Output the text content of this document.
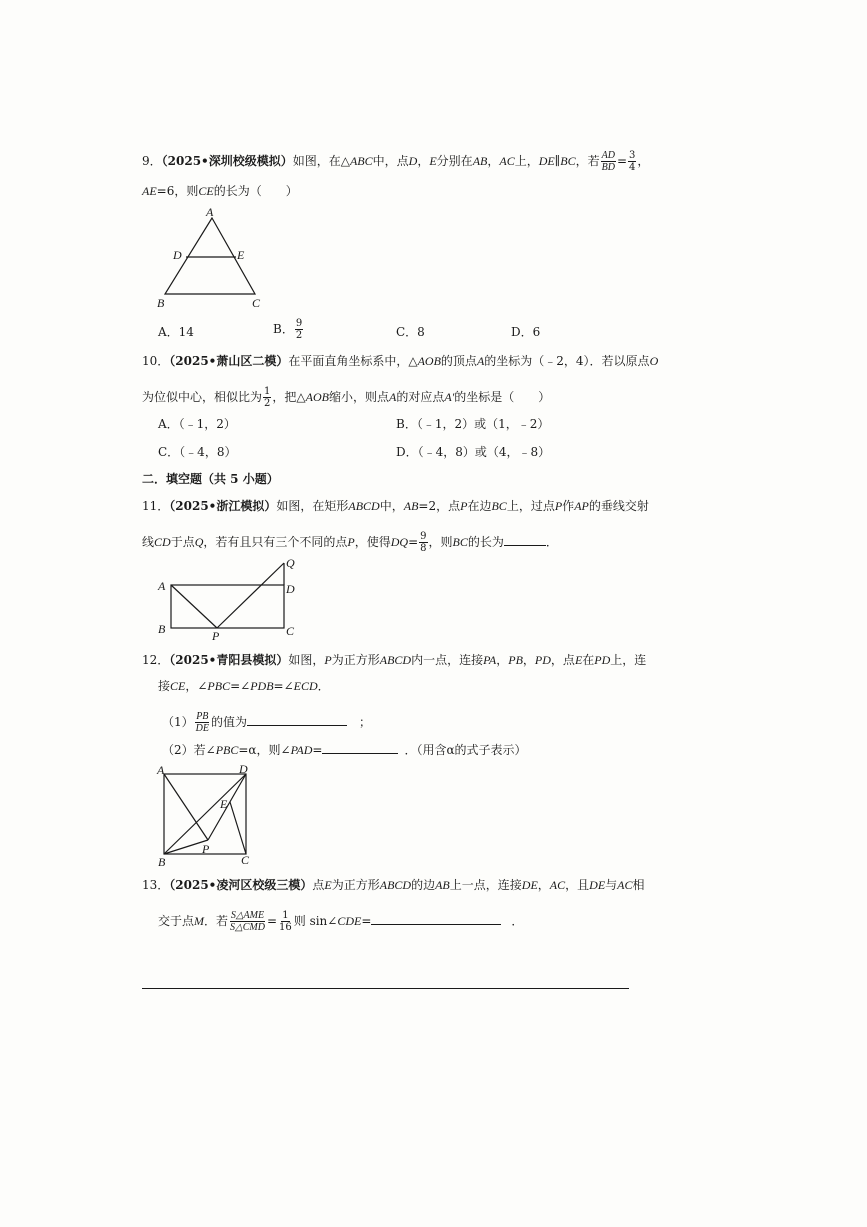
9．（2025•深圳校级模拟）如图，在△ABC中，点D，E分别在AB，AC上，DE∥BC，若 $\frac{AD}{BD} = \frac{3}{4}$ ，
AE=6，则CE的长为（　　）
A
D	E
B	C
A．14	B． $\frac{9}{2}$	C．8	D．6
10．（2025•萧山区二模）在平面直角坐标系中，△AOB的顶点A的坐标为（﹣2，4）．若以原点O
为位似中心，相似比为 $\frac{1}{2}$ ，把△AOB缩小，则点A的对应点A′的坐标是（　　）
A．（﹣1，2）	B．（﹣1，2）或（1，﹣2）
C．（﹣4，8）	D．（﹣4，8）或（4，﹣8）
二．填空题（共 5 小题）
11．（2025•浙江模拟）如图，在矩形ABCD中，AB=2，点P在边BC上，过点P作AP的垂线交射
线CD于点Q，若有且只有三个不同的点P，使得$DQ= \frac{9}{8}$ ，则BC的长为	．
A
B	C
D
P
Q
12．（2025•青阳县模拟）如图，P为正方形ABCD内一点，连接PA，PB，PD，点E在PD上，连
接CE，∠PBC=∠PDB=∠ECD．
$(1) \frac{PB}{DE}$ 的值为	；
（2）若∠PBC=α，则∠PAD=	．（用含α的式子表示）
A	D
E
P
B	C
13．（2025•凌河区校级三模）点E为正方形ABCD的边AB上一点，连接DE，AC，且DE与AC相
交于点M．若 $\frac{\text{S△AME}}{\text{S△CMD}} = \frac{1}{16}$ 则 sin∠CDE=	．
